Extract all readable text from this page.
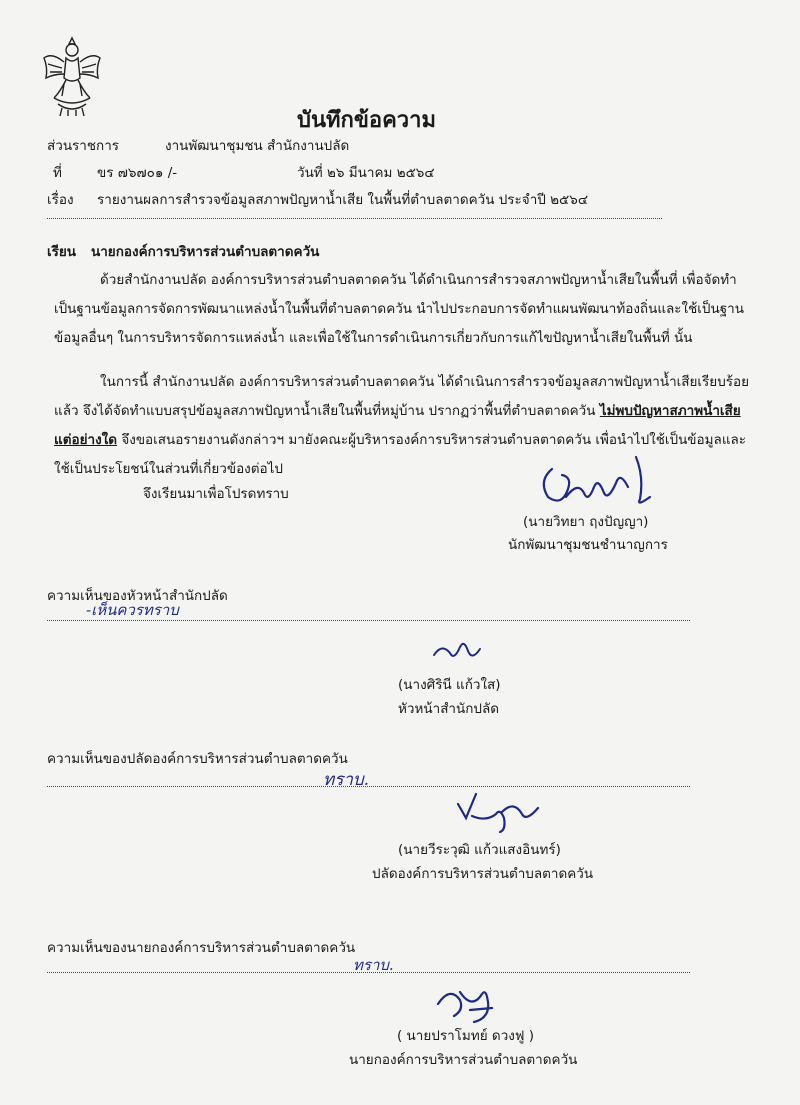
บันทึกข้อความ
ส่วนราชการ	งานพัฒนาชุมชน สำนักงานปลัด
ที่	ขร ๗๖๗๐๑ /-	วันที่ ๒๖ มีนาคม ๒๕๖๔
เรื่อง รายงานผลการสำรวจข้อมูลสภาพปัญหาน้ำเสีย ในพื้นที่ตำบลตาดควัน ประจำปี ๒๕๖๔
เรียน นายกองค์การบริหารส่วนตำบลตาดควัน
ด้วยสำนักงานปลัด องค์การบริหารส่วนตำบลตาดควัน ได้ดำเนินการสำรวจสภาพปัญหาน้ำเสียในพื้นที่ เพื่อจัดทำเป็นฐานข้อมูลการจัดการพัฒนาแหล่งน้ำในพื้นที่ตำบลตาดควัน นำไปประกอบการจัดทำแผนพัฒนาท้องถิ่นและใช้เป็นฐานข้อมูลอื่นๆ ในการบริหารจัดการแหล่งน้ำ และเพื่อใช้ในการดำเนินการเกี่ยวกับการแก้ไขปัญหาน้ำเสียในพื้นที่ นั้น
ในการนี้ สำนักงานปลัด องค์การบริหารส่วนตำบลตาดควัน ได้ดำเนินการสำรวจข้อมูลสภาพปัญหาน้ำเสียเรียบร้อยแล้ว จึงได้จัดทำแบบสรุปข้อมูลสภาพปัญหาน้ำเสียในพื้นที่หมู่บ้าน ปรากฏว่าพื้นที่ตำบลตาดควัน ไม่พบปัญหาสภาพน้ำเสียแต่อย่างใด จึงขอเสนอรายงานดังกล่าวฯ มายังคณะผู้บริหารองค์การบริหารส่วนตำบลตาดควัน เพื่อนำไปใช้เป็นข้อมูลและใช้เป็นประโยชน์ในส่วนที่เกี่ยวข้องต่อไป
จึงเรียนมาเพื่อโปรดทราบ
(นายวิทยา ฤงปัญญา)
นักพัฒนาชุมชนชำนาญการ
ความเห็นของหัวหน้าสำนักปลัด
-เห็นควรทราบ
(นางศิรินี แก้วใส)
หัวหน้าสำนักปลัด
ความเห็นของปลัดองค์การบริหารส่วนตำบลตาดควัน
ทราบ.
(นายวีระวุฒิ แก้วแสงอินทร์)
ปลัดองค์การบริหารส่วนตำบลตาดควัน
ความเห็นของนายกองค์การบริหารส่วนตำบลตาดควัน
ทราบ.
( นายปราโมทย์ ดวงฟู )
นายกองค์การบริหารส่วนตำบลตาดควัน
